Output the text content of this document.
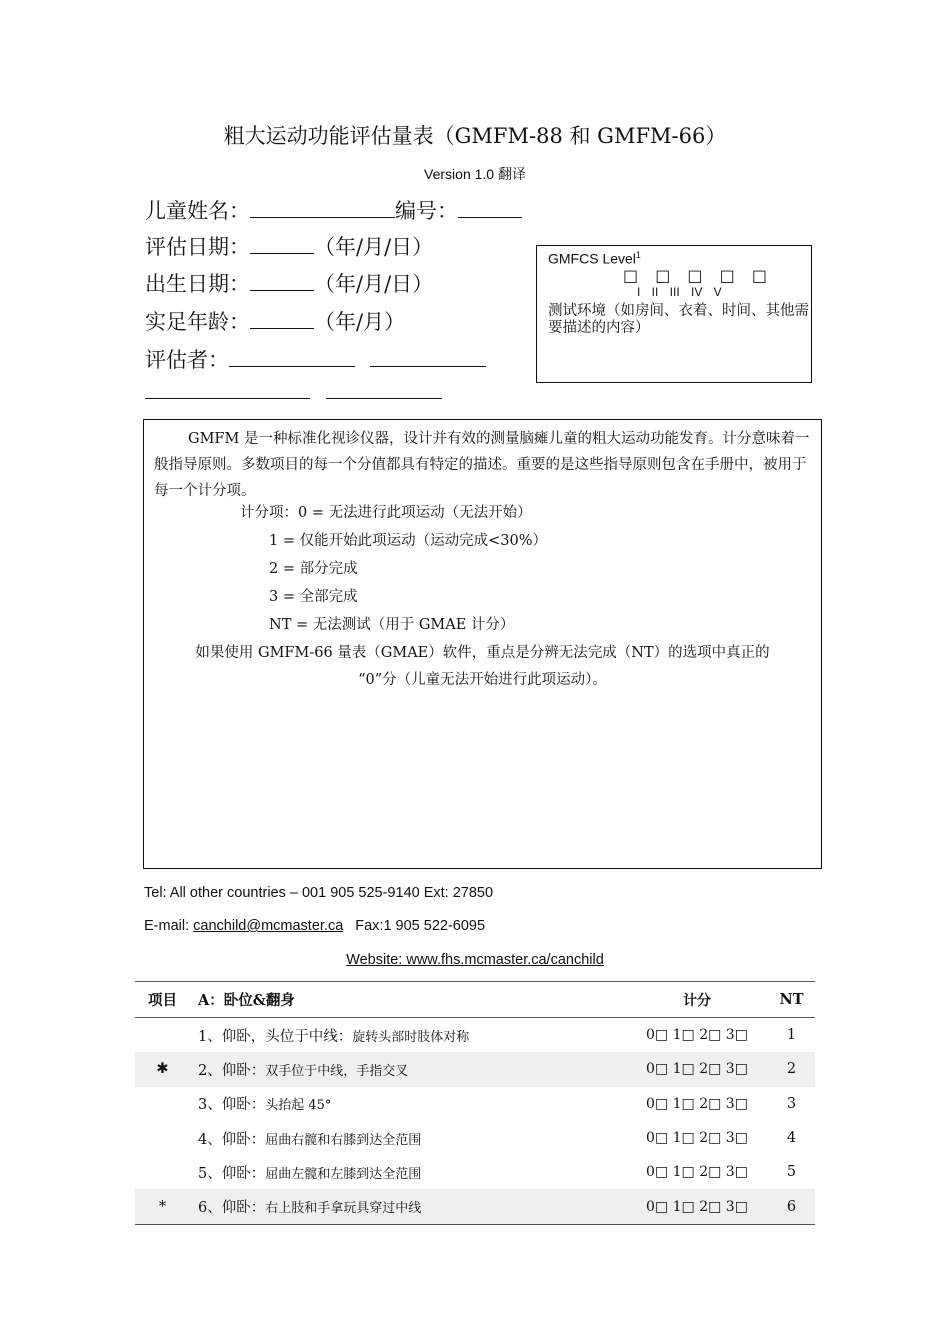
粗大运动功能评估量表（GMFM-88 和 GMFM-66）
Version 1.0 翻译
儿童姓名：	编号：
评估日期：	（年/月/日）
出生日期：	（年/月/日）
实足年龄：	（年/月）
评估者：
GMFCS Level$^1$
□ □ □ □ □
I II III IV V
测试环境（如房间、衣着、时间、其他需要描述的内容）

GMFM 是一种标准化视诊仪器，设计并有效的测量脑瘫儿童的粗大运动功能发育。计分意味着一般指导原则。多数项目的每一个分值都具有特定的描述。重要的是这些指导原则包含在手册中，被用于每一个计分项。

计分项：0 = 无法进行此项运动（无法开始）

1 = 仅能开始此项运动（运动完成<30%）

2 = 部分完成

3 = 全部完成

NT = 无法测试（用于 GMAE 计分）

如果使用 GMFM-66 量表（GMAE）软件，重点是分辨无法完成（NT）的选项中真正的

“0”分（儿童无法开始进行此项运动）。

Tel: All other countries – 001 905 525-9140 Ext: 27850
E-mail: canchild@mcmaster.ca Fax:1 905 522-6095
Website: www.fhs.mcmaster.ca/canchild
项目	A：卧位&翻身	计分	NT
	1、仰卧，头位于中线：旋转头部时肢体对称	0□ 1□ 2□ 3□	1
✱	2、仰卧：双手位于中线，手指交叉	0□ 1□ 2□ 3□	2
	3、仰卧：头抬起 45°	0□ 1□ 2□ 3□	3
	4、仰卧：屈曲右髋和右膝到达全范围	0□ 1□ 2□ 3□	4
	5、仰卧：屈曲左髋和左膝到达全范围	0□ 1□ 2□ 3□	5
*	6、仰卧：右上肢和手拿玩具穿过中线	0□ 1□ 2□ 3□	6
